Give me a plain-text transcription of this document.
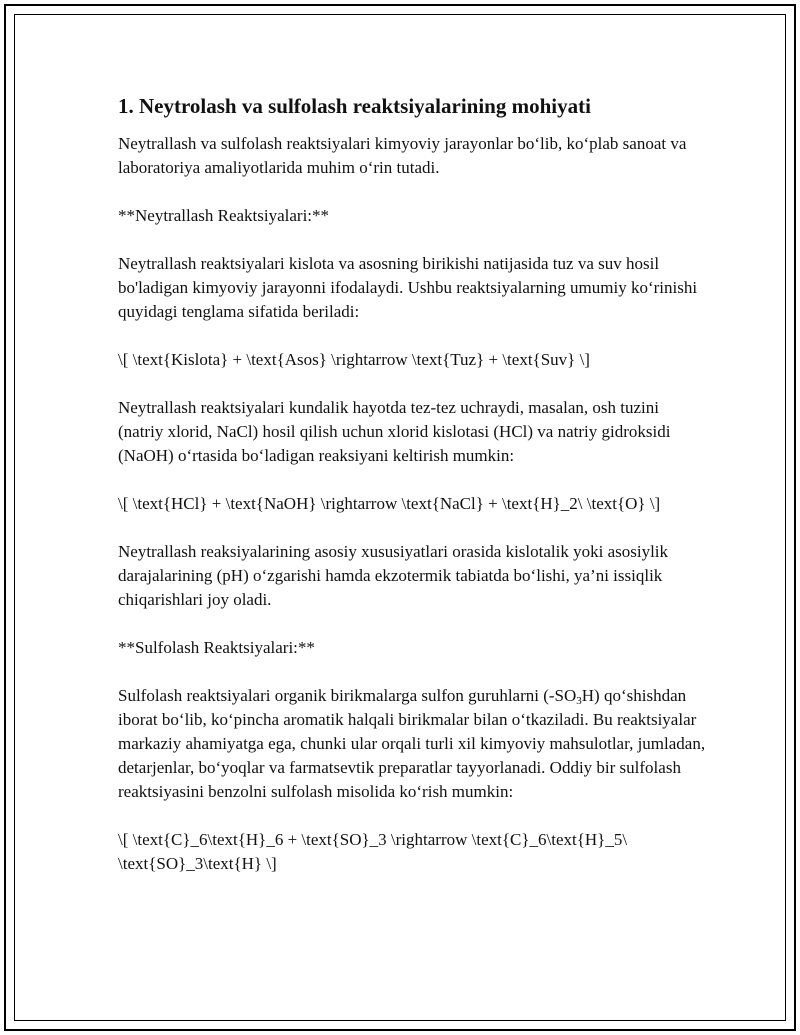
1. Neytrolash va sulfolash reaktsiyalarining mohiyati

Neytrallash va sulfolash reaktsiyalari kimyoviy jarayonlar bo‘lib, ko‘plab sanoat va laboratoriya amaliyotlarida muhim o‘rin tutadi.

**Neytrallash Reaktsiyalari:**

Neytrallash reaktsiyalari kislota va asosning birikishi natijasida tuz va suv hosil bo'ladigan kimyoviy jarayonni ifodalaydi. Ushbu reaktsiyalarning umumiy ko‘rinishi quyidagi tenglama sifatida beriladi:

\[ \text{Kislota} + \text{Asos} \rightarrow \text{Tuz} + \text{Suv} \]

Neytrallash reaktsiyalari kundalik hayotda tez-tez uchraydi, masalan, osh tuzini (natriy xlorid, NaCl) hosil qilish uchun xlorid kislotasi (HCl) va natriy gidroksidi (NaOH) o‘rtasida bo‘ladigan reaksiyani keltirish mumkin:

\[ \text{HCl} + \text{NaOH} \rightarrow \text{NaCl} + \text{H}_2\ \text{O} \]

Neytrallash reaksiyalarining asosiy xususiyatlari orasida kislotalik yoki asosiylik darajalarining (pH) o‘zgarishi hamda ekzotermik tabiatda bo‘lishi, ya’ni issiqlik chiqarishlari joy oladi.

**Sulfolash Reaktsiyalari:**

Sulfolash reaktsiyalari organik birikmalarga sulfon guruhlarni $(-SO_3H)$ qo‘shishdan iborat bo‘lib, ko‘pincha aromatik halqali birikmalar bilan o‘tkaziladi. Bu reaktsiyalar markaziy ahamiyatga ega, chunki ular orqali turli xil kimyoviy mahsulotlar, jumladan, detarjenlar, bo‘yoqlar va farmatsevtik preparatlar tayyorlanadi. Oddiy bir sulfolash reaktsiyasini benzolni sulfolash misolida ko‘rish mumkin:

\[ \text{C}_6\text{H}_6 + \text{SO}_3 \rightarrow \text{C}_6\text{H}_5\ \text{SO}_3\text{H} \]
